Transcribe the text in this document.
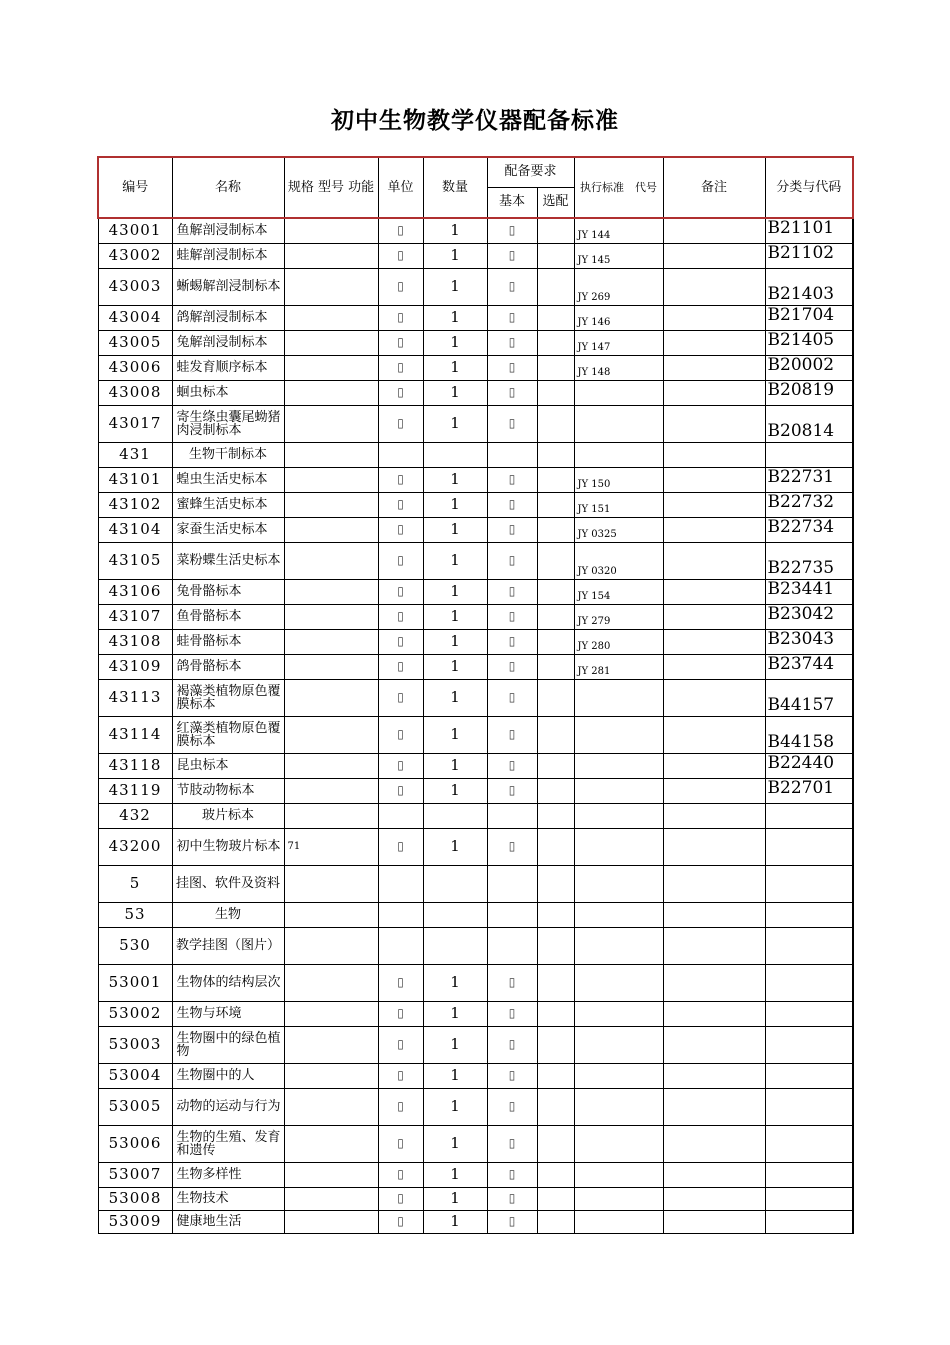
初中生物教学仪器配备标准
编号	名称	规格 型号 功能	单位	数量	配备要求		执行标准　代号	备注	分类与代码
					基本	选配			
43001	鱼解剖浸制标本		▯	1	▯		JY 144		B21101
43002	蛙解剖浸制标本		▯	1	▯		JY 145		B21102
43003	蜥蜴解剖浸制标本		▯	1	▯		JY 269		B21403
43004	鸽解剖浸制标本		▯	1	▯		JY 146		B21704
43005	兔解剖浸制标本		▯	1	▯		JY 147		B21405
43006	蛙发育顺序标本		▯	1	▯		JY 148		B20002
43008	蛔虫标本		▯	1	▯				B20819
43017	寄生绦虫囊尾蚴猪肉浸制标本		▯	1	▯				B20814
431	生物干制标本								

43101	蝗虫生活史标本		▯	1	▯		JY 150		B22731
43102	蜜蜂生活史标本		▯	1	▯		JY 151		B22732
43104	家蚕生活史标本		▯	1	▯		JY 0325		B22734
43105	菜粉蝶生活史标本		▯	1	▯		JY 0320		B22735
43106	兔骨骼标本		▯	1	▯		JY 154		B23441
43107	鱼骨骼标本		▯	1	▯		JY 279		B23042
43108	蛙骨骼标本		▯	1	▯		JY 280		B23043
43109	鸽骨骼标本		▯	1	▯		JY 281		B23744
43113	褐藻类植物原色覆膜标本		▯	1	▯				B44157
43114	红藻类植物原色覆膜标本		▯	1	▯				B44158
43118	昆虫标本		▯	1	▯				B22440
43119	节肢动物标本		▯	1	▯				B22701
432	玻片标本								

43200	初中生物玻片标本	71	▯	1	▯				
5	挂图、软件及资料								

53	生物								

530	教学挂图（图片）								

53001	生物体的结构层次		▯	1	▯				
53002	生物与环境		▯	1	▯				
53003	生物圈中的绿色植物		▯	1	▯				
53004	生物圈中的人		▯	1	▯				
53005	动物的运动与行为		▯	1	▯				
53006	生物的生殖、发育和遗传		▯	1	▯				
53007	生物多样性		▯	1	▯				
53008	生物技术		▯	1	▯				
53009	健康地生活		▯	1	▯				
